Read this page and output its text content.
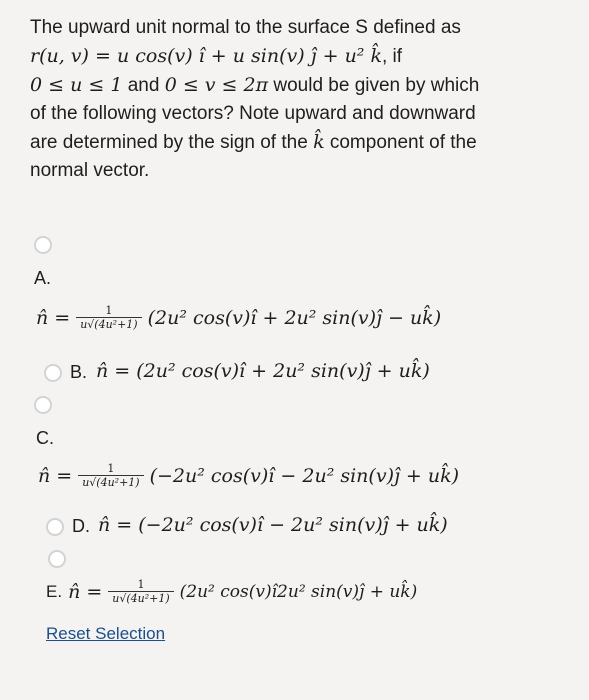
The upward unit normal to the surface S defined as

r(u, v) = u cos(v) î + u sin(v) ĵ + u² k̂, if

0 ≤ u ≤ 1 and 0 ≤ v ≤ 2π would be given by which

of the following vectors? Note upward and downward

are determined by the sign of the k̂ component of the

normal vector.

A.
n̂ = $\frac{1}{\text{u√(4u²+1)}} (2u^2$ cos(v)î + 2u² sin(v)ĵ − uk̂)
B. n̂ =
(2u² cos(v)î + 2u² sin(v)ĵ + uk̂)
C.
n̂ = $\frac{1}{\text{u√(4u²+1)}} (-2u^2$ cos(v)î − 2u² sin(v)ĵ + uk̂)
D. n̂ =
(−2u² cos(v)î − 2u² sin(v)ĵ + uk̂)
E. n̂ = $\frac{1}{\text{u√(4u²+1)}} (2u^2$ cos(v)î2u² sin(v)ĵ + uk̂)
Reset Selection
